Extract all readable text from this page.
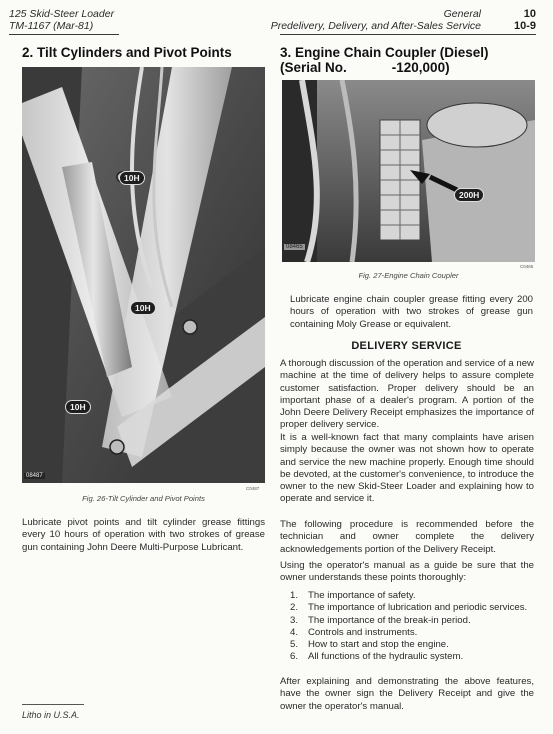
125 Skid-Steer Loader
TM-1167 (Mar-81)
General
Predelivery, Delivery, and After-Sales Service
10
10-9
2. Tilt Cylinders and Pivot Points
10H
10H
10H
08487
C0487
Fig. 26-Tilt Cylinder and Pivot Points
Lubricate pivot points and tilt cylinder grease fittings every 10 hours of operation with two strokes of grease gun containing John Deere Multi-Purpose Lubricant.
3. Engine Chain Coupler (Diesel)
(Serial No.            -120,000)
200H
08465
C0465
Fig. 27-Engine Chain Coupler
Lubricate engine chain coupler grease fitting every 200 hours of operation with two strokes of grease gun containing Moly Grease or equivalent.
DELIVERY SERVICE
A thorough discussion of the operation and service of a new machine at the time of delivery helps to assure complete customer satisfaction. Proper delivery should be an important phase of a dealer's program. A portion of the John Deere Delivery Receipt emphasizes the importance of proper delivery service.
It is a well-known fact that many complaints have arisen simply because the owner was not shown how to operate and service the new machine properly. Enough time should be devoted, at the customer's convenience, to introduce the owner to the new Skid-Steer Loader and explaining how to operate and service it.
The following procedure is recommended before the technician and owner complete the delivery acknowledgements portion of the Delivery Receipt.
Using the operator's manual as a guide be sure that the owner understands these points thoroughly:
1. The importance of safety.
2. The importance of lubrication and periodic services.
3. The importance of the break-in period.
4. Controls and instruments.
5. How to start and stop the engine.
6. All functions of the hydraulic system.
After explaining and demonstrating the above features, have the owner sign the Delivery Receipt and give the owner the operator's manual.
Litho in U.S.A.
